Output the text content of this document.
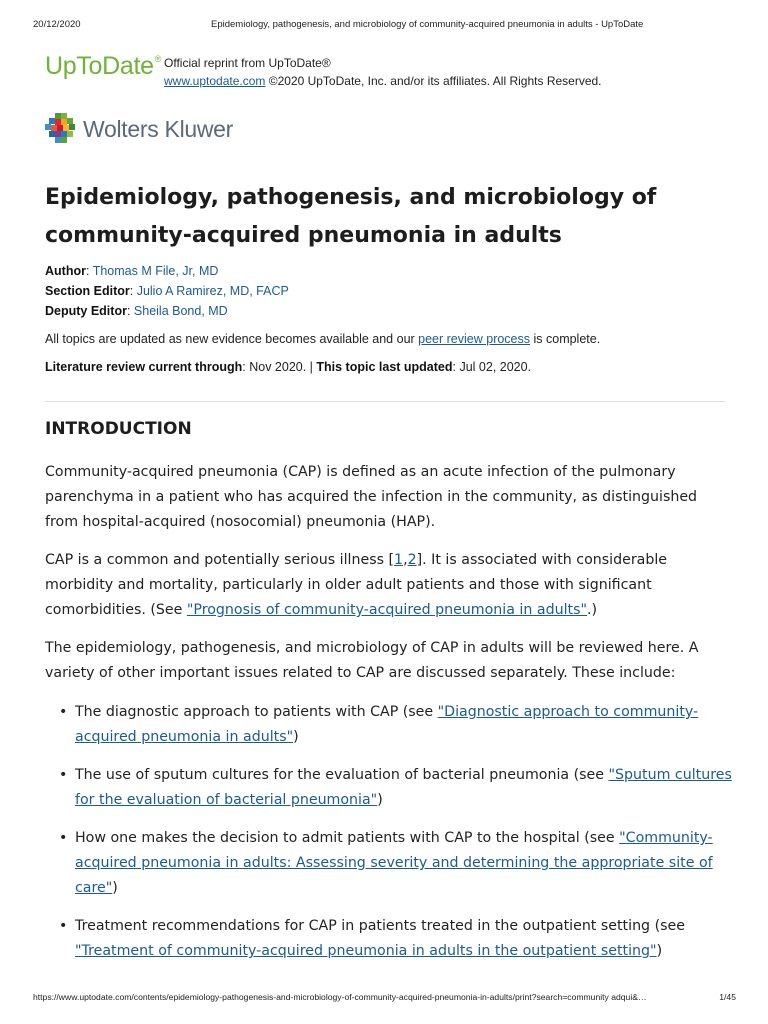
20/12/2020	Epidemiology, pathogenesis, and microbiology of community-acquired pneumonia in adults - UpToDate
UpToDate® Official reprint from UpToDate®
www.uptodate.com ©2020 UpToDate, Inc. and/or its affiliates. All Rights Reserved.
Wolters Kluwer
Epidemiology, pathogenesis, and microbiology of community-acquired pneumonia in adults
Author: Thomas M File, Jr, MD
Section Editor: Julio A Ramirez, MD, FACP
Deputy Editor: Sheila Bond, MD
All topics are updated as new evidence becomes available and our peer review process is complete.
Literature review current through: Nov 2020. | This topic last updated: Jul 02, 2020.
INTRODUCTION

Community-acquired pneumonia (CAP) is defined as an acute infection of the pulmonary parenchyma in a patient who has acquired the infection in the community, as distinguished from hospital-acquired (nosocomial) pneumonia (HAP).

CAP is a common and potentially serious illness [1,2]. It is associated with considerable morbidity and mortality, particularly in older adult patients and those with significant comorbidities. (See "Prognosis of community-acquired pneumonia in adults".)

The epidemiology, pathogenesis, and microbiology of CAP in adults will be reviewed here. A variety of other important issues related to CAP are discussed separately. These include:

• The diagnostic approach to patients with CAP (see "Diagnostic approach to community-acquired pneumonia in adults")
• The use of sputum cultures for the evaluation of bacterial pneumonia (see "Sputum cultures for the evaluation of bacterial pneumonia")
• How one makes the decision to admit patients with CAP to the hospital (see "Community-acquired pneumonia in adults: Assessing severity and determining the appropriate site of care")
• Treatment recommendations for CAP in patients treated in the outpatient setting (see "Treatment of community-acquired pneumonia in adults in the outpatient setting")
https://www.uptodate.com/contents/epidemiology-pathogenesis-and-microbiology-of-community-acquired-pneumonia-in-adults/print?search=community adqui&…	1/45
